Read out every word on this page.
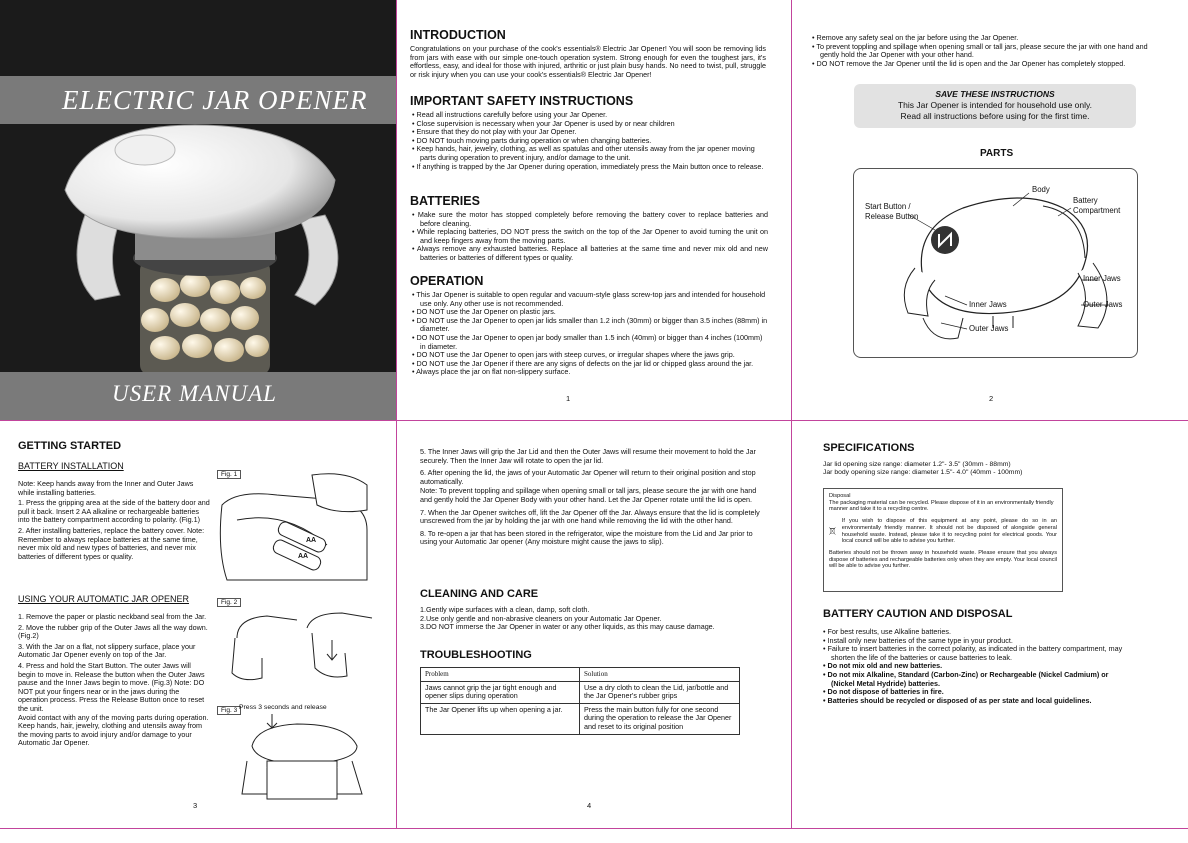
ELECTRIC JAR OPENER
USER MANUAL
INTRODUCTION

Congratulations on your purchase of the cook's essentials® Electric Jar Opener! You will soon be removing lids from jars with ease with our simple one-touch operation system. Strong enough for even the toughest jars, it's effortless, easy, and ideal for those with injured, arthritic or just plain busy hands. No need to twist, pull, struggle or risk injury when you can use your cook's essentials® Electric Jar Opener!

IMPORTANT SAFETY INSTRUCTIONS
• Read all instructions carefully before using your Jar Opener.
• Close supervision is necessary when your Jar Opener is used by or near children
• Ensure that they do not play with your Jar Opener.
• DO NOT touch moving parts during operation or when changing batteries.
• Keep hands, hair, jewelry, clothing, as well as spatulas and other utensils away from the jar opener moving parts during operation to prevent injury, and/or damage to the unit.
• If anything is trapped by the Jar Opener during operation, immediately press the Main button once to release.
BATTERIES
• Make sure the motor has stopped completely before removing the battery cover to replace batteries and before cleaning.
• While replacing batteries, DO NOT press the switch on the top of the Jar Opener to avoid turning the unit on and keep fingers away from the moving parts.
• Always remove any exhausted batteries. Replace all batteries at the same time and never mix old and new batteries or batteries of different types or quality.
OPERATION
• This Jar Opener is suitable to open regular and vacuum-style glass screw-top jars and intended for household use only. Any other use is not recommended.
• DO NOT use the Jar Opener on plastic jars.
• DO NOT use the Jar Opener to open jar lids smaller than 1.2 inch (30mm) or bigger than 3.5 inches (88mm) in diameter.
• DO NOT use the Jar Opener to open jar body smaller than 1.5 inch (40mm) or bigger than 4 inches (100mm) in diameter.
• DO NOT use the Jar Opener to open jars with steep curves, or irregular shapes where the jaws grip.
• DO NOT use the Jar Opener if there are any signs of defects on the jar lid or chipped glass around the jar.
• Always place the jar on flat non-slippery surface.
1
• Remove any safety seal on the jar before using the Jar Opener.
• To prevent toppling and spillage when opening small or tall jars, please secure the jar with one hand and gently hold the Jar Opener with your other hand.
• DO NOT remove the Jar Opener until the lid is open and the Jar Opener has completely stopped.
SAVE THESE INSTRUCTIONS
This Jar Opener is intended for household use only.
Read all instructions before using for the first time.
PARTS
Start Button /
Release Button
Body
Battery
Compartment
Inner Jaws
Inner Jaws	Outer Jaws
Outer Jaws
2
GETTING STARTED
BATTERY INSTALLATION

Note: Keep hands away from the Inner and Outer Jaws while installing batteries.

1. Press the gripping area at the side of the battery door and pull it back. Insert 2 AA alkaline or rechargeable batteries into the battery compartment according to polarity. (Fig.1)

2. After installing batteries, replace the battery cover. Note: Remember to always replace batteries at the same time, never mix old and new types of batteries, and never mix batteries of different types or quality.

USING YOUR AUTOMATIC JAR OPENER

1. Remove the paper or plastic neckband seal from the Jar.

2. Move the rubber grip of the Outer Jaws all the way down. (Fig.2)

3. With the Jar on a flat, not slippery surface, place your Automatic Jar Opener evenly on top of the Jar.

4. Press and hold the Start Button. The outer Jaws will begin to move in. Release the button when the Outer Jaws pause and the Inner Jaws begin to move. (Fig.3) Note: DO NOT put your fingers near or in the jaws during the operation process. Press the Release Button once to reset the unit.

Avoid contact with any of the moving parts during operation. Keep hands, hair, jewelry, clothing and utensils away from the moving parts to avoid injury and/or damage to your Automatic Jar Opener.

Fig. 1
AA
AA
Fig. 2
Fig. 3 Press 3 seconds and release
3

5. The Inner Jaws will grip the Jar Lid and then the Outer Jaws will resume their movement to hold the Jar securely. Then the Inner Jaw will rotate to open the jar lid.

6. After opening the lid, the jaws of your Automatic Jar Opener will return to their original position and stop automatically.

Note: To prevent toppling and spillage when opening small or tall jars, please secure the jar with one hand and gently hold the Jar Opener Body with your other hand. Let the Jar Opener rotate until the lid is open.

7. When the Jar Opener switches off, lift the Jar Opener off the Jar. Always ensure that the lid is completely unscrewed from the jar by holding the jar with one hand while removing the lid with the other hand.

8. To re-open a jar that has been stored in the refrigerator, wipe the moisture from the Lid and Jar prior to using your Automatic Jar opener (Any moisture might cause the jaws to slip).

CLEANING AND CARE

1.Gently wipe surfaces with a clean, damp, soft cloth.

2.Use only gentle and non-abrasive cleaners on your Automatic Jar Opener.

3.DO NOT immerse the Jar Opener in water or any other liquids, as this may cause damage.

TROUBLESHOOTING
Problem	Solution
Jaws cannot grip the jar tight enough and opener slips during operation	Use a dry cloth to clean the Lid, jar/bottle and the Jar Opener's rubber grips
The Jar Opener lifts up when opening a jar.	Press the main button fully for one second during the operation to release the Jar Opener and reset to its original position
4
SPECIFICATIONS

Jar lid opening size range: diameter 1.2"- 3.5" (30mm - 88mm)

Jar body opening size range: diameter 1.5"- 4.0" (40mm - 100mm)

Disposal
The packaging material can be recycled. Please dispose of it in an environmentally friendly manner and take it to a recycling centre.
If you wish to dispose of this equipment at any point, please do so in an environmentally friendly manner. It should not be disposed of alongside general household waste. Instead, please take it to recycling point for electrical goods. Your local council will be able to advise you further.
Batteries should not be thrown away in household waste. Please ensure that you always dispose of batteries and rechargeable batteries only when they are empty. Your local council will be able to advise you further.
BATTERY CAUTION AND DISPOSAL
• For best results, use Alkaline batteries.
• Install only new batteries of the same type in your product.
• Failure to insert batteries in the correct polarity, as indicated in the battery compartment, may shorten the life of the batteries or cause batteries to leak.
• Do not mix old and new batteries.
• Do not mix Alkaline, Standard (Carbon-Zinc) or Rechargeable (Nickel Cadmium) or (Nickel Metal Hydride) batteries.
• Do not dispose of batteries in fire.
• Batteries should be recycled or disposed of as per state and local guidelines.
